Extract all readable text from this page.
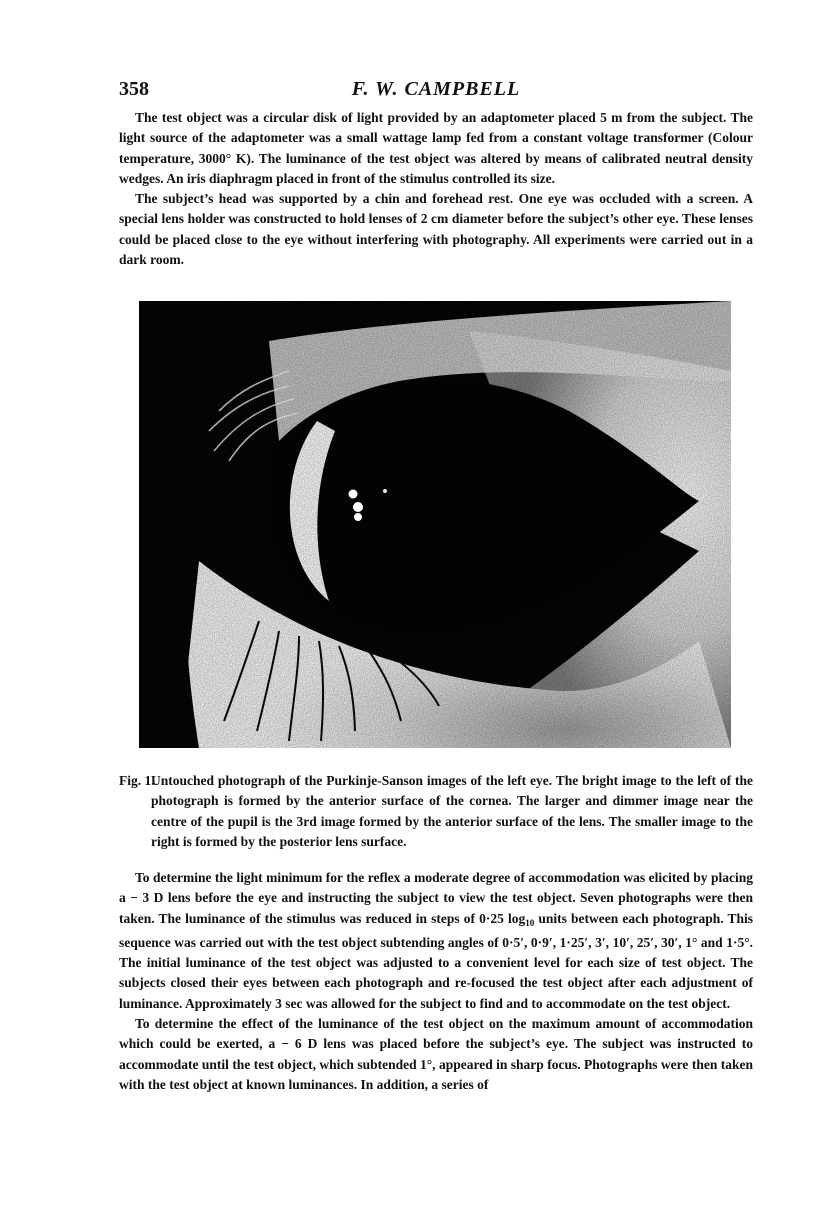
358	F. W. CAMPBELL

The test object was a circular disk of light provided by an adaptometer placed 5 m from the subject. The light source of the adaptometer was a small wattage lamp fed from a constant voltage transformer (Colour temperature, 3000° K). The luminance of the test object was altered by means of calibrated neutral density wedges. An iris diaphragm placed in front of the stimulus controlled its size.

The subject’s head was supported by a chin and forehead rest. One eye was occluded with a screen. A special lens holder was constructed to hold lenses of 2 cm diameter before the subject’s other eye. These lenses could be placed close to the eye without interfering with photography. All experiments were carried out in a dark room.

Fig. 1.
Untouched photograph of the Purkinje-Sanson images of the left eye. The bright image to the left of the photograph is formed by the anterior surface of the cornea. The larger and dimmer image near the centre of the pupil is the 3rd image formed by the anterior surface of the lens. The smaller image to the right is formed by the posterior lens surface.

To determine the light minimum for the reflex a moderate degree of accommodation was elicited by placing a − 3 D lens before the eye and instructing the subject to view the test object. Seven photographs were then taken. The luminance of the stimulus was reduced in steps of 0·25 $\log_{10}$ units between each photograph. This sequence was carried out with the test object subtending angles of 0·5′, 0·9′, 1·25′, 3′, 10′, 25′, 30′, 1° and 1·5°. The initial luminance of the test object was adjusted to a convenient level for each size of test object. The subjects closed their eyes between each photograph and re-focused the test object after each adjustment of luminance. Approximately 3 sec was allowed for the subject to find and to accommodate on the test object.

To determine the effect of the luminance of the test object on the maximum amount of accommodation which could be exerted, a − 6 D lens was placed before the subject’s eye. The subject was instructed to accommodate until the test object, which subtended 1°, appeared in sharp focus. Photographs were then taken with the test object at known luminances. In addition, a series of
